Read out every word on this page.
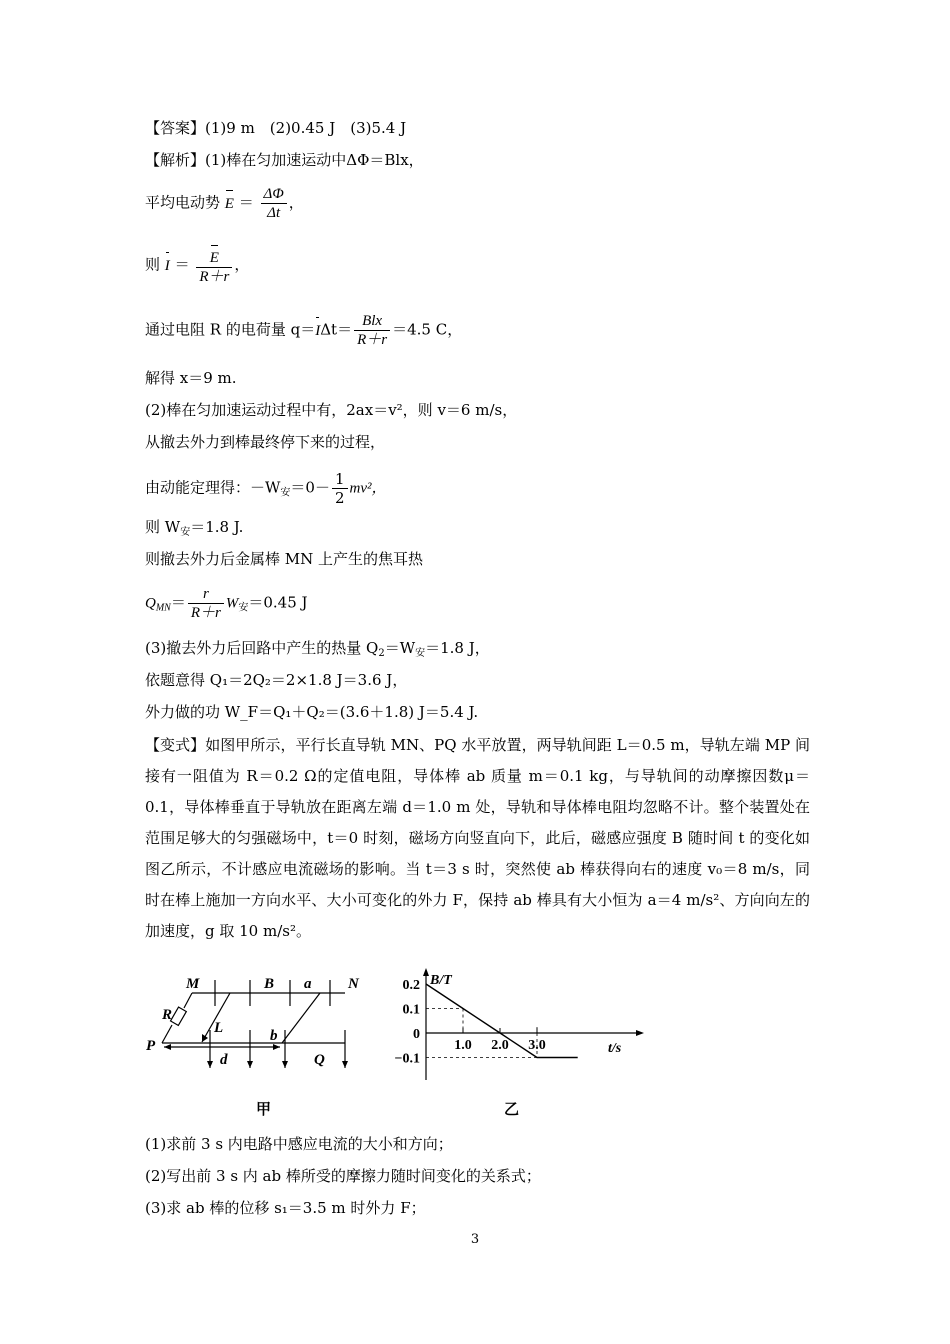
【答案】(1)9 m　(2)0.45 J　(3)5.4 J
【解析】(1)棒在匀加速运动中ΔΦ＝Blx，
平均电动势 $E = \frac{\Delta\Phi}{\Delta t}$ ，
则 $I = \frac{E}{R+r}$ ，
通过电阻 R 的电荷量 $q=I\Delta t= \frac{\text{Blx}}{R+r} =4.5$ C，
解得 x＝9 m.
(2)棒在匀加速运动过程中有，2ax＝v²，则 v＝6 m/s，
从撤去外力到棒最终停下来的过程，
由动能定理得：$-W_安=0- \frac{1}{2} mv^2$，
则 $W_安=1.8$ J.
则撤去外力后金属棒 MN 上产生的焦耳热
$Q_{MN}= \frac{r}{R+r} W_安=0.45$ J
(3)撤去外力后回路中产生的热量 $Q_2=W_安=1.8$ J，
依题意得 Q₁＝2Q₂＝2×1.8 J＝3.6 J，
外力做的功 W_F＝Q₁＋Q₂＝(3.6＋1.8) J＝5.4 J.
【变式】如图甲所示，平行长直导轨 MN、PQ 水平放置，两导轨间距 L＝0.5 m，导轨左端 MP 间接有一阻值为 R＝0.2 Ω的定值电阻，导体棒 ab 质量 m＝0.1 kg，与导轨间的动摩擦因数μ＝0.1，导体棒垂直于导轨放在距离左端 d＝1.0 m 处，导轨和导体棒电阻均忽略不计。整个装置处在范围足够大的匀强磁场中，t＝0 时刻，磁场方向竖直向下，此后，磁感应强度 B 随时间 t 的变化如图乙所示，不计感应电流磁场的影响。当 t＝3 s 时，突然使 ab 棒获得向右的速度 v₀＝8 m/s，同时在棒上施加一方向水平、大小可变化的外力 F，保持 ab 棒具有大小恒为 a＝4 m/s²、方向向左的加速度，g 取 10 m/s²。
M	B a N
R
L	b
P
d	Q
0.2
0.1
0
−0.1
1.0 2.0 3.0
B/T
t/s
甲	乙
(1)求前 3 s 内电路中感应电流的大小和方向；
(2)写出前 3 s 内 ab 棒所受的摩擦力随时间变化的关系式；
(3)求 ab 棒的位移 s₁＝3.5 m 时外力 F；
3
